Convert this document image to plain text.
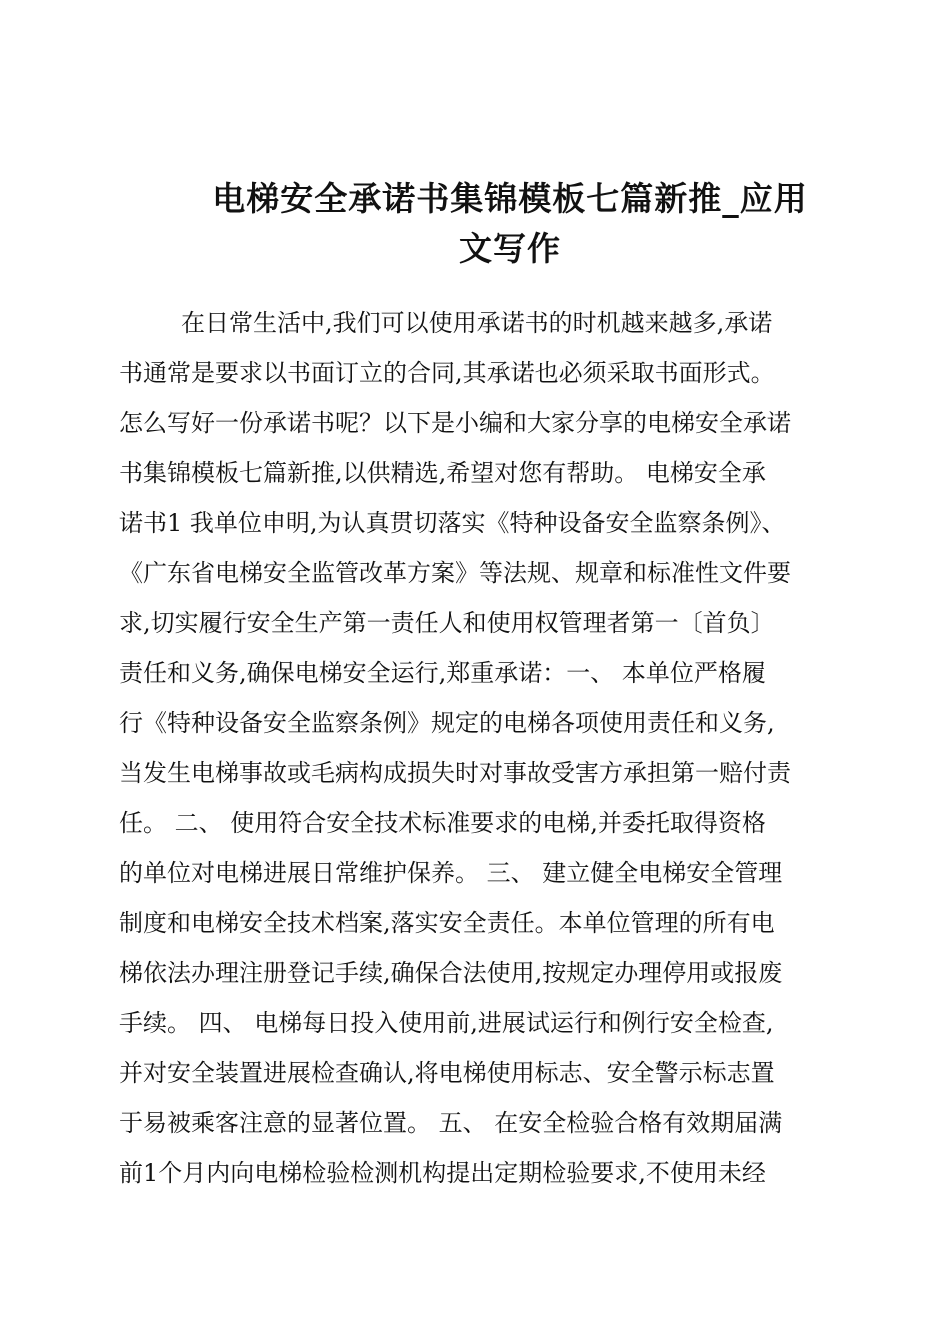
电梯安全承诺书集锦模板七篇新推_应用
文写作
在日常生活中,我们可以使用承诺书的时机越来越多,承诺
书通常是要求以书面订立的合同,其承诺也必须采取书面形式。
怎么写好一份承诺书呢？以下是小编和大家分享的电梯安全承诺
书集锦模板七篇新推,以供精选,希望对您有帮助。 电梯安全承
诺书1 我单位申明,为认真贯切落实《特种设备安全监察条例》、
《广东省电梯安全监管改革方案》等法规、规章和标准性文件要
求,切实履行安全生产第一责任人和使用权管理者第一〔首负〕
责任和义务,确保电梯安全运行,郑重承诺：一、 本单位严格履
行《特种设备安全监察条例》规定的电梯各项使用责任和义务,
当发生电梯事故或毛病构成损失时对事故受害方承担第一赔付责
任。 二、 使用符合安全技术标准要求的电梯,并委托取得资格
的单位对电梯进展日常维护保养。 三、 建立健全电梯安全管理
制度和电梯安全技术档案,落实安全责任。本单位管理的所有电
梯依法办理注册登记手续,确保合法使用,按规定办理停用或报废
手续。 四、 电梯每日投入使用前,进展试运行和例行安全检查,
并对安全装置进展检查确认,将电梯使用标志、安全警示标志置
于易被乘客注意的显著位置。 五、 在安全检验合格有效期届满
前1个月内向电梯检验检测机构提出定期检验要求,不使用未经
